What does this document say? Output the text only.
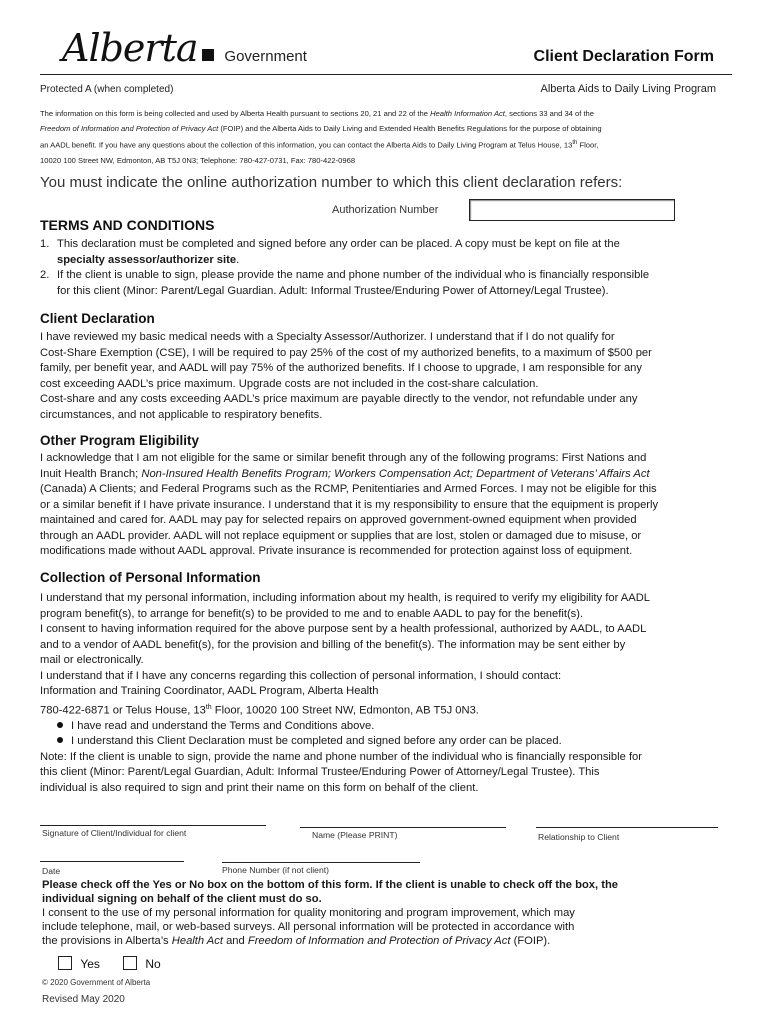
Alberta Government	Client Declaration Form
Protected A (when completed)	Alberta Aids to Daily Living Program
The information on this form is being collected and used by Alberta Health pursuant to sections 20, 21 and 22 of the Health Information Act, sections 33 and 34 of the
Freedom of Information and Protection of Privacy Act (FOIP) and the Alberta Aids to Daily Living and Extended Health Benefits Regulations for the purpose of obtaining
an AADL benefit. If you have any questions about the collection of this information, you can contact the Alberta Aids to Daily Living Program at Telus House, 13th Floor,
10020 100 Street NW, Edmonton, AB T5J 0N3; Telephone: 780-427-0731, Fax: 780-422-0968
You must indicate the online authorization number to which this client declaration refers:
Authorization Number
TERMS AND CONDITIONS
1. This declaration must be completed and signed before any order can be placed. A copy must be kept on file at the
specialty assessor/authorizer site.
2. If the client is unable to sign, please provide the name and phone number of the individual who is financially responsible
for this client (Minor: Parent/Legal Guardian. Adult: Informal Trustee/Enduring Power of Attorney/Legal Trustee).
Client Declaration
I have reviewed my basic medical needs with a Specialty Assessor/Authorizer. I understand that if I do not qualify for
Cost-Share Exemption (CSE), I will be required to pay 25% of the cost of my authorized benefits, to a maximum of $500 per
family, per benefit year, and AADL will pay 75% of the authorized benefits. If I choose to upgrade, I am responsible for any
cost exceeding AADL’s price maximum. Upgrade costs are not included in the cost-share calculation.
Cost-share and any costs exceeding AADL’s price maximum are payable directly to the vendor, not refundable under any
circumstances, and not applicable to respiratory benefits.
Other Program Eligibility
I acknowledge that I am not eligible for the same or similar benefit through any of the following programs: First Nations and
Inuit Health Branch; Non-Insured Health Benefits Program; Workers Compensation Act; Department of Veterans’ Affairs Act
(Canada) A Clients; and Federal Programs such as the RCMP, Penitentiaries and Armed Forces. I may not be eligible for this
or a similar benefit if I have private insurance. I understand that it is my responsibility to ensure that the equipment is properly
maintained and cared for. AADL may pay for selected repairs on approved government-owned equipment when provided
through an AADL provider. AADL will not replace equipment or supplies that are lost, stolen or damaged due to misuse, or
modifications made without AADL approval. Private insurance is recommended for protection against loss of equipment.
Collection of Personal Information
I understand that my personal information, including information about my health, is required to verify my eligibility for AADL
program benefit(s), to arrange for benefit(s) to be provided to me and to enable AADL to pay for the benefit(s).
I consent to having information required for the above purpose sent by a health professional, authorized by AADL, to AADL
and to a vendor of AADL benefit(s), for the provision and billing of the benefit(s). The information may be sent either by
mail or electronically.
I understand that if I have any concerns regarding this collection of personal information, I should contact:
Information and Training Coordinator, AADL Program, Alberta Health
780-422-6871 or Telus House, 13th Floor, 10020 100 Street NW, Edmonton, AB T5J 0N3.
I have read and understand the Terms and Conditions above.
I understand this Client Declaration must be completed and signed before any order can be placed.
Note: If the client is unable to sign, provide the name and phone number of the individual who is financially responsible for
this client (Minor: Parent/Legal Guardian, Adult: Informal Trustee/Enduring Power of Attorney/Legal Trustee). This
individual is also required to sign and print their name on this form on behalf of the client.
Signature of Client/Individual for client	Name (Please PRINT)	Relationship to Client
Date	Phone Number (if not client)
Please check off the Yes or No box on the bottom of this form. If the client is unable to check off the box, the
individual signing on behalf of the client must do so.
I consent to the use of my personal information for quality monitoring and program improvement, which may
include telephone, mail, or web-based surveys. All personal information will be protected in accordance with
the provisions in Alberta’s Health Act and Freedom of Information and Protection of Privacy Act (FOIP).
Yes	No
© 2020 Government of Alberta
Revised May 2020
